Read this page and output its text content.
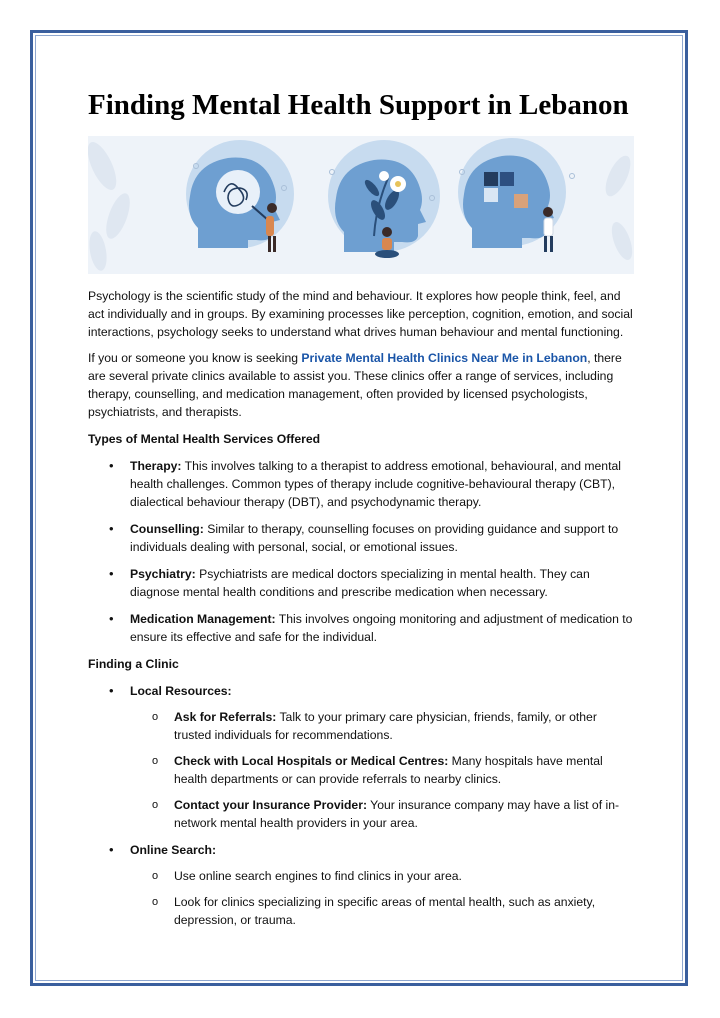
Finding Mental Health Support in Lebanon

Psychology is the scientific study of the mind and behaviour. It explores how people think, feel, and act individually and in groups. By examining processes like perception, cognition, emotion, and social interactions, psychology seeks to understand what drives human behaviour and mental functioning.

If you or someone you know is seeking Private Mental Health Clinics Near Me in Lebanon, there are several private clinics available to assist you. These clinics offer a range of services, including therapy, counselling, and medication management, often provided by licensed psychologists, psychiatrists, and therapists.

Types of Mental Health Services Offered
• Therapy: This involves talking to a therapist to address emotional, behavioural, and mental health challenges. Common types of therapy include cognitive-behavioural therapy (CBT), dialectical behaviour therapy (DBT), and psychodynamic therapy.
• Counselling: Similar to therapy, counselling focuses on providing guidance and support to individuals dealing with personal, social, or emotional issues.
• Psychiatry: Psychiatrists are medical doctors specializing in mental health. They can diagnose mental health conditions and prescribe medication when necessary.
• Medication Management: This involves ongoing monitoring and adjustment of medication to ensure its effective and safe for the individual.
Finding a Clinic
• Local Resources:
o Ask for Referrals: Talk to your primary care physician, friends, family, or other trusted individuals for recommendations.
o Check with Local Hospitals or Medical Centres: Many hospitals have mental health departments or can provide referrals to nearby clinics.
o Contact your Insurance Provider: Your insurance company may have a list of in-network mental health providers in your area.
• Online Search:
o Use online search engines to find clinics in your area.
o Look for clinics specializing in specific areas of mental health, such as anxiety, depression, or trauma.
